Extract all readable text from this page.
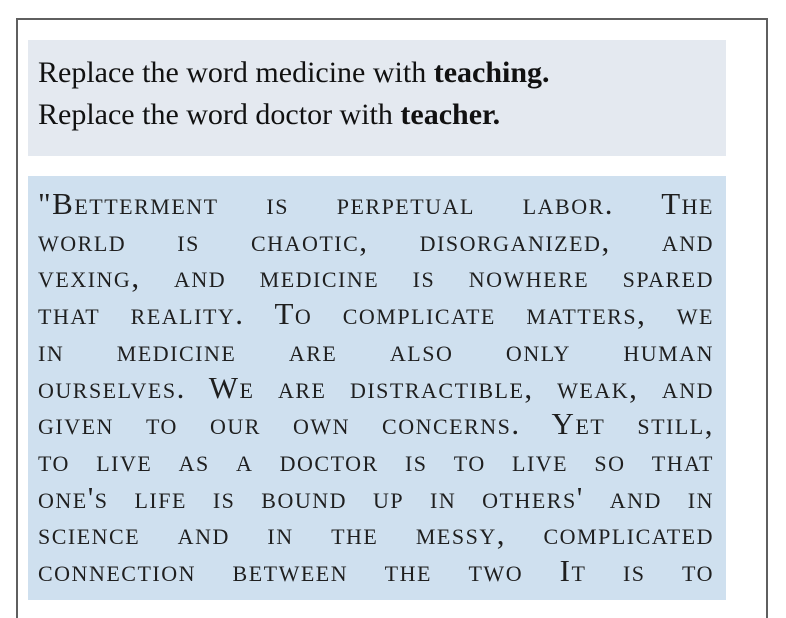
Replace the word medicine with teaching.
Replace the word doctor with teacher.
"Betterment is perpetual labor. The
world is chaotic, disorganized, and
vexing, and medicine is nowhere spared
that reality. To complicate matters, we
in medicine are also only human
ourselves. We are distractible, weak, and
given to our own concerns. Yet still,
to live as a doctor is to live so that
one's life is bound up in others' and in
science and in the messy, complicated
connection between the two It is to
